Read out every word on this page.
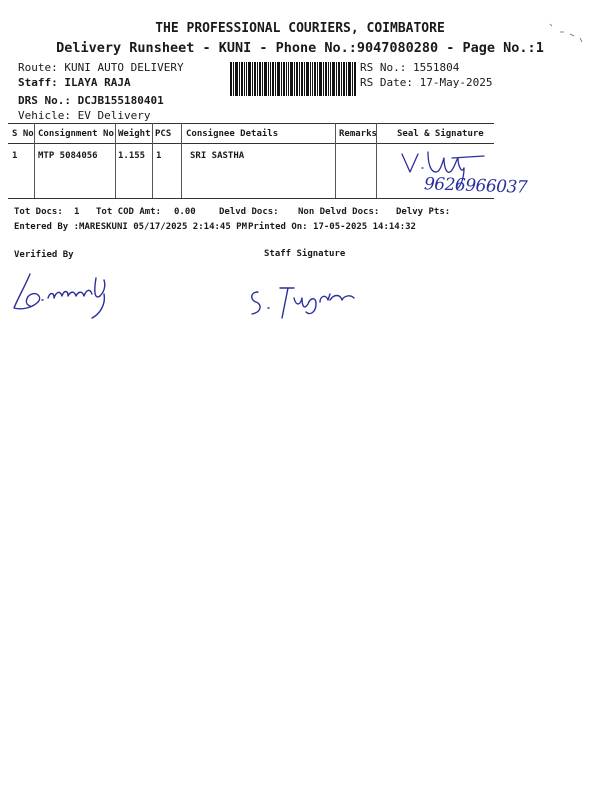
THE PROFESSIONAL COURIERS, COIMBATORE
Delivery Runsheet - KUNI - Phone No.:9047080280 - Page No.:1
Route: KUNI AUTO DELIVERY
Staff: ILAYA RAJA
DRS No.: DCJB155180401
Vehicle: EV Delivery
RS No.: 1551804
RS Date: 17-May-2025
S No Consignment No Weight PCS Consignee Details	Remarks Seal & Signature
1 MTP 5084056 1.155 1	SRI SASTHA
9626966037
Tot Docs: 1 Tot COD Amt: 0.00	Delvd Docs: Non Delvd Docs: Delvy Pts:
Entered By :MARESKUNI 05/17/2025 2:14:45 PM Printed On: 17-05-2025 14:14:32
Verified By	Staff Signature
